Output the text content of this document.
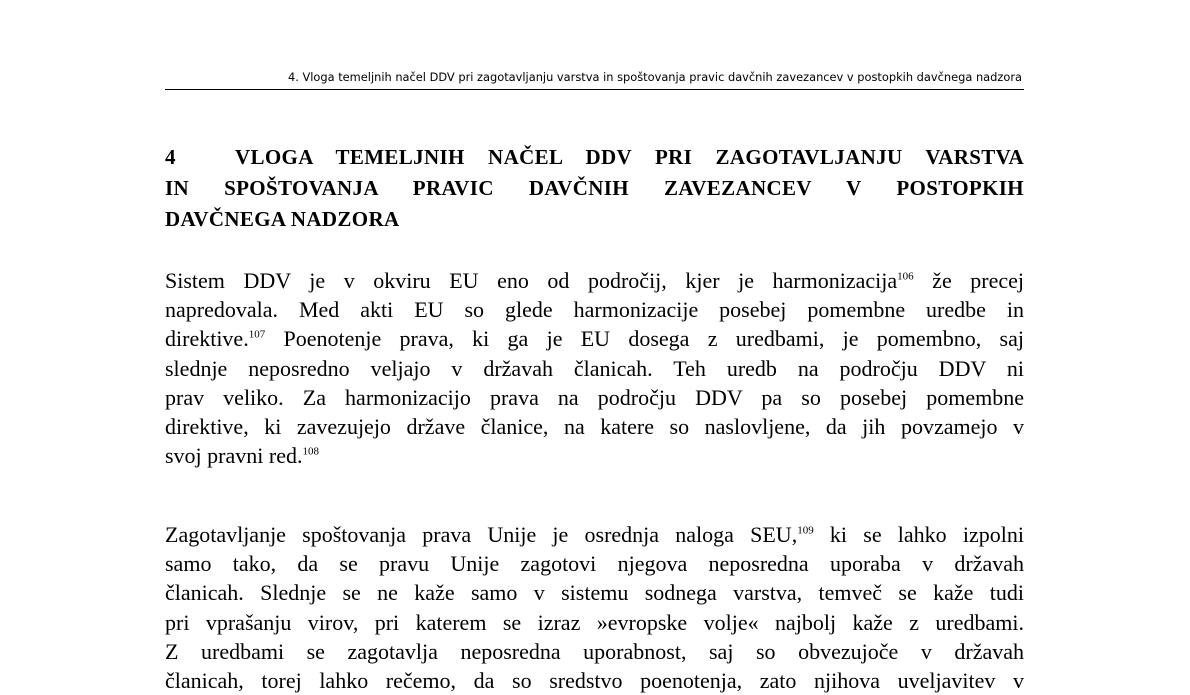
4. Vloga temeljnih načel DDV pri zagotavljanju varstva in spoštovanja pravic davčnih zavezancev v postopkih davčnega nadzora
4	VLOGA TEMELJNIH NAČEL DDV PRI ZAGOTAVLJANJU VARSTVA
IN SPOŠTOVANJA PRAVIC DAVČNIH ZAVEZANCEV V POSTOPKIH
DAVČNEGA NADZORA
Sistem DDV je v okviru EU eno od področij, kjer je harmonizacija$^{106}$ že precej
napredovala. Med akti EU so glede harmonizacije posebej pomembne uredbe in
direktive.$^{107}$ Poenotenje prava, ki ga je EU dosega z uredbami, je pomembno, saj
slednje neposredno veljajo v državah članicah. Teh uredb na področju DDV ni
prav veliko. Za harmonizacijo prava na področju DDV pa so posebej pomembne
direktive, ki zavezujejo države članice, na katere so naslovljene, da jih povzamejo v
svoj pravni red.$^{108}$
Zagotavljanje spoštovanja prava Unije je osrednja naloga SEU,$^{109}$ ki se lahko izpolni
samo tako, da se pravu Unije zagotovi njegova neposredna uporaba v državah
članicah. Slednje se ne kaže samo v sistemu sodnega varstva, temveč se kaže tudi
pri vprašanju virov, pri katerem se izraz »evropske volje« najbolj kaže z uredbami.
Z uredbami se zagotavlja neposredna uporabnost, saj so obvezujoče v državah
članicah, torej lahko rečemo, da so sredstvo poenotenja, zato njihova uveljavitev v
